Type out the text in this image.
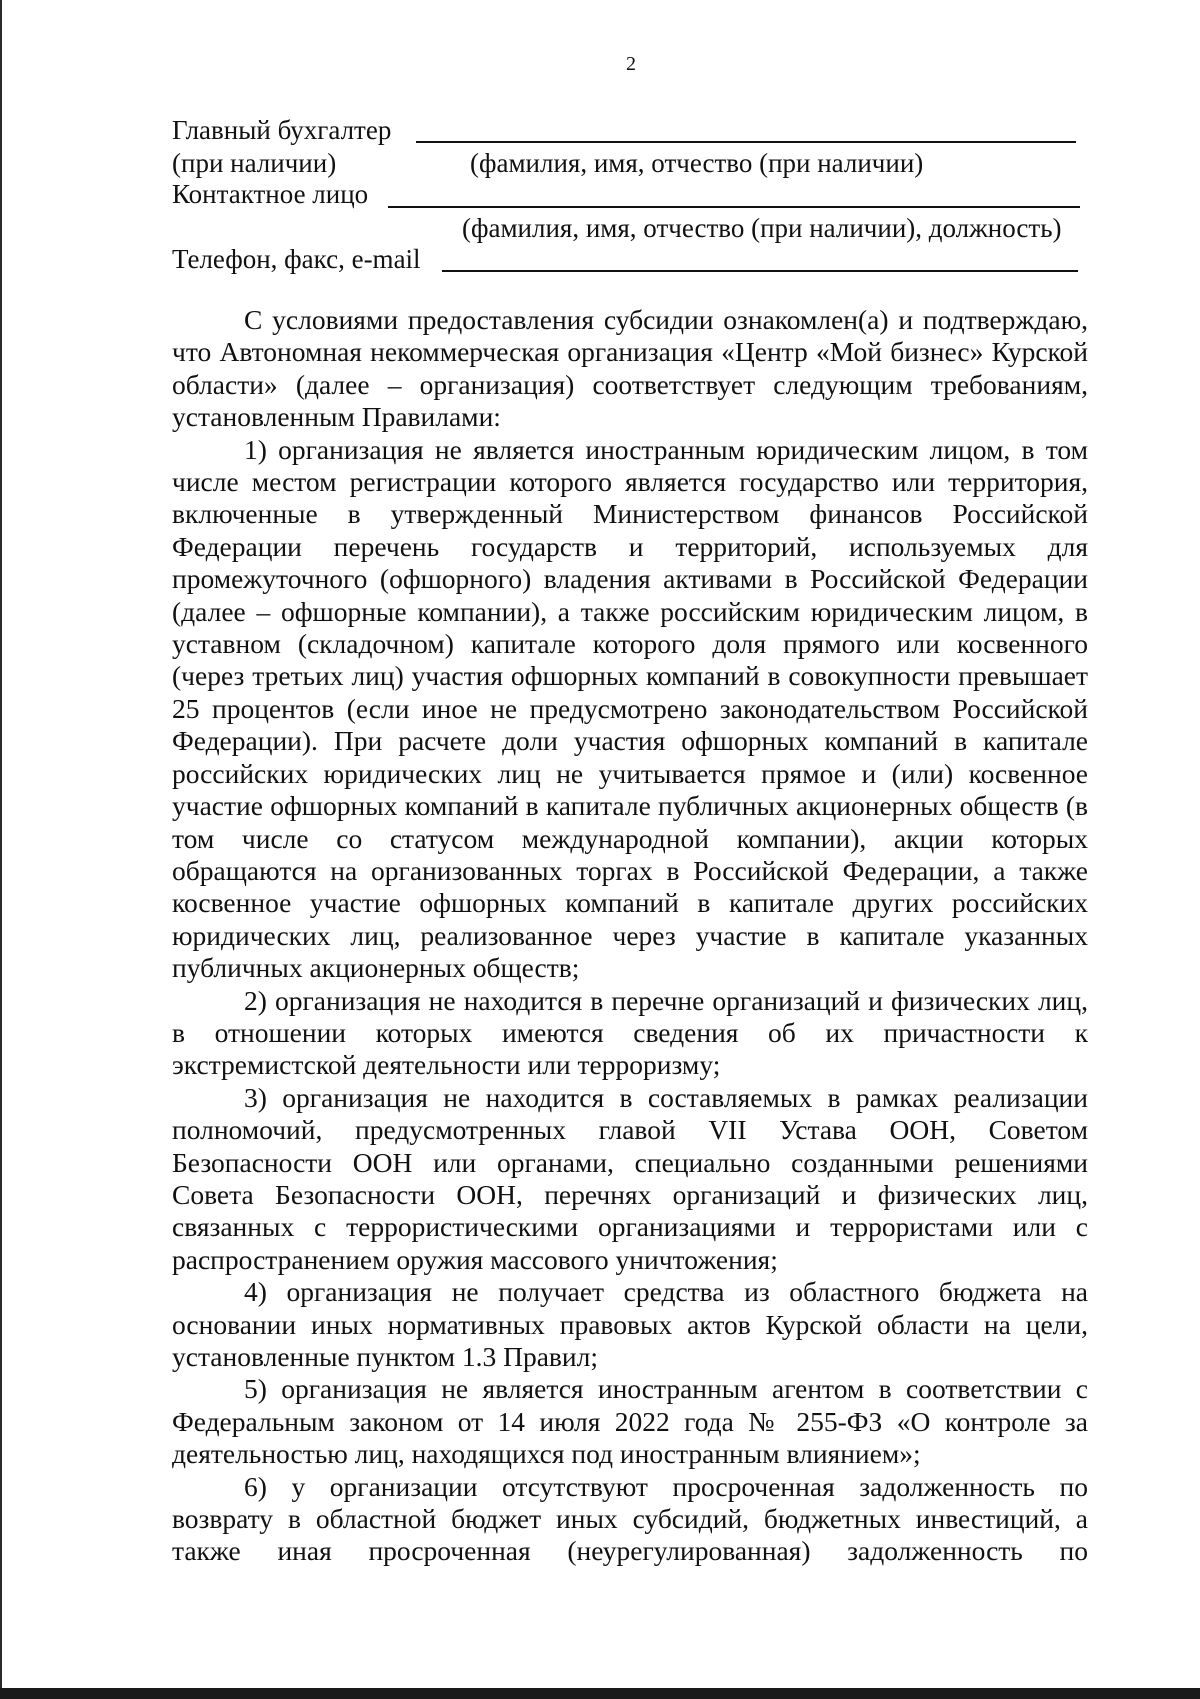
2
Главный бухгалтер
(при наличии)	(фамилия, имя, отчество (при наличии)
Контактное лицо
(фамилия, имя, отчество (при наличии), должность)
Телефон, факс, e-mail

С условиями предоставления субсидии ознакомлен(а) и подтверждаю, что Автономная некоммерческая организация «Центр «Мой бизнес» Курской области» (далее – организация) соответствует следующим требованиям, установленным Правилами:

1) организация не является иностранным юридическим лицом, в том числе местом регистрации которого является государство или территория, включенные в утвержденный Министерством финансов Российской Федерации перечень государств и территорий, используемых для промежуточного (офшорного) владения активами в Российской Федерации (далее – офшорные компании), а также российским юридическим лицом, в уставном (складочном) капитале которого доля прямого или косвенного (через третьих лиц) участия офшорных компаний в совокупности превышает 25 процентов (если иное не предусмотрено законодательством Российской Федерации). При расчете доли участия офшорных компаний в капитале российских юридических лиц не учитывается прямое и (или) косвенное участие офшорных компаний в капитале публичных акционерных обществ (в том числе со статусом международной компании), акции которых обращаются на организованных торгах в Российской Федерации, а также косвенное участие офшорных компаний в капитале других российских юридических лиц, реализованное через участие в капитале указанных публичных акционерных обществ;

2) организация не находится в перечне организаций и физических лиц, в отношении которых имеются сведения об их причастности к экстремистской деятельности или терроризму;

3) организация не находится в составляемых в рамках реализации полномочий, предусмотренных главой VII Устава ООН, Советом Безопасности ООН или органами, специально созданными решениями Совета Безопасности ООН, перечнях организаций и физических лиц, связанных с террористическими организациями и террористами или с распространением оружия массового уничтожения;

4) организация не получает средства из областного бюджета на основании иных нормативных правовых актов Курской области на цели, установленные пунктом 1.3 Правил;

5) организация не является иностранным агентом в соответствии с Федеральным законом от 14 июля 2022 года № 255-ФЗ «О контроле за деятельностью лиц, находящихся под иностранным влиянием»;

6) у организации отсутствуют просроченная задолженность по возврату в областной бюджет иных субсидий, бюджетных инвестиций, а также иная просроченная (неурегулированная) задолженность по
